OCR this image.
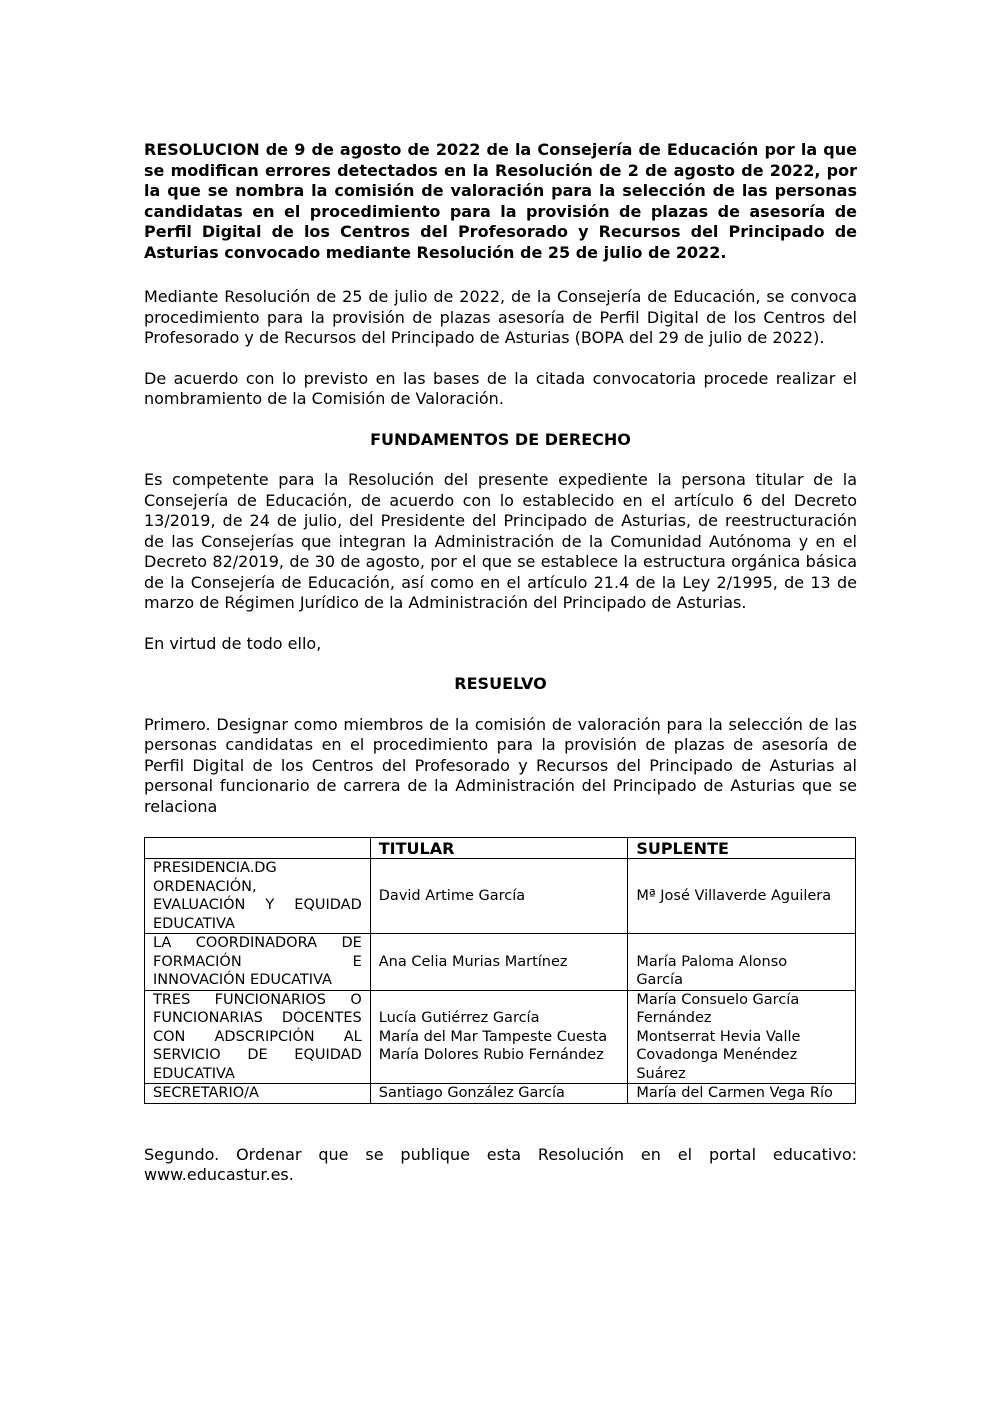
RESOLUCION de 9 de agosto de 2022 de la Consejería de Educación por la que se modifican errores detectados en la Resolución de 2 de agosto de 2022, por la que se nombra la comisión de valoración para la selección de las personas candidatas en el procedimiento para la provisión de plazas de asesoría de Perfil Digital de los Centros del Profesorado y Recursos del Principado de Asturias convocado mediante Resolución de 25 de julio de 2022.

Mediante Resolución de 25 de julio de 2022, de la Consejería de Educación, se convoca procedimiento para la provisión de plazas asesoría de Perfil Digital de los Centros del Profesorado y de Recursos del Principado de Asturias (BOPA del 29 de julio de 2022).

De acuerdo con lo previsto en las bases de la citada convocatoria procede realizar el nombramiento de la Comisión de Valoración.

FUNDAMENTOS DE DERECHO

Es competente para la Resolución del presente expediente la persona titular de la Consejería de Educación, de acuerdo con lo establecido en el artículo 6 del Decreto 13/2019, de 24 de julio, del Presidente del Principado de Asturias, de reestructuración de las Consejerías que integran la Administración de la Comunidad Autónoma y en el Decreto 82/2019, de 30 de agosto, por el que se establece la estructura orgánica básica de la Consejería de Educación, así como en el artículo 21.4 de la Ley 2/1995, de 13 de marzo de Régimen Jurídico de la Administración del Principado de Asturias.

En virtud de todo ello,

RESUELVO

Primero. Designar como miembros de la comisión de valoración para la selección de las personas candidatas en el procedimiento para la provisión de plazas de asesoría de Perfil Digital de los Centros del Profesorado y Recursos del Principado de Asturias al personal funcionario de carrera de la Administración del Principado de Asturias que se relaciona

	TITULAR	SUPLENTE

PRESIDENCIA.DG
ORDENACIÓN,
EVALUACIÓN Y EQUIDAD
EDUCATIVA	David Artime García	Mª José Villaverde Aguilera

LA COORDINADORA DE
FORMACIÓN E
INNOVACIÓN EDUCATIVA	Ana Celia Murias Martínez	María Paloma Alonso
García

TRES FUNCIONARIOS O
FUNCIONARIAS DOCENTES
CON ADSCRIPCIÓN AL
SERVICIO DE EQUIDAD
EDUCATIVA	Lucía Gutiérrez García
María del Mar Tampeste Cuesta
María Dolores Rubio Fernández	María Consuelo García
Fernández
Montserrat Hevia Valle
Covadonga Menéndez
Suárez

SECRETARIO/A	Santiago González García	María del Carmen Vega Río

Segundo. Ordenar que se publique esta Resolución en el portal educativo: www.educastur.es.
